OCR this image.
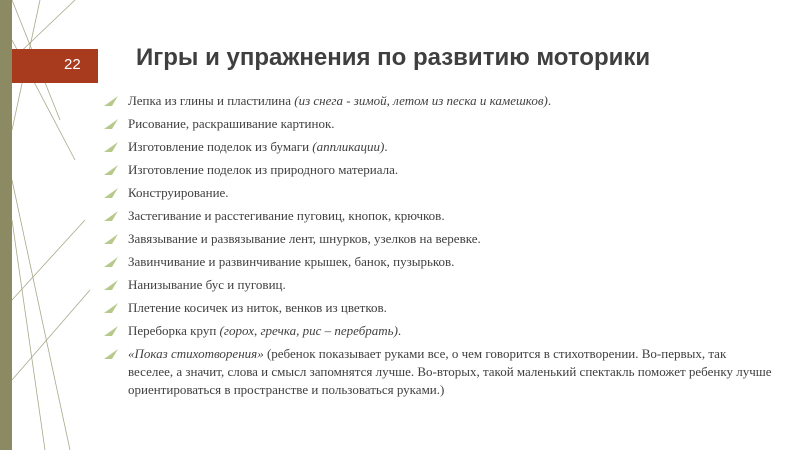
22 Игры и упражнения по развитию моторики
Лепка из глины и пластилина (из снега - зимой, летом из песка и камешков).
Рисование, раскрашивание картинок.
Изготовление поделок из бумаги (аппликации).
Изготовление поделок из природного материала.
Конструирование.
Застегивание и расстегивание пуговиц, кнопок, крючков.
Завязывание и развязывание лент, шнурков, узелков на веревке.
Завинчивание и развинчивание крышек, банок, пузырьков.
Нанизывание бус и пуговиц.
Плетение косичек из ниток, венков из цветков.
Переборка круп (горох, гречка, рис – перебрать).
«Показ стихотворения» (ребенок показывает руками все, о чем говорится в стихотворении. Во-первых, так веселее, а значит, слова и смысл запомнятся лучше. Во-вторых, такой маленький спектакль поможет ребенку лучше ориентироваться в пространстве и пользоваться руками.)
